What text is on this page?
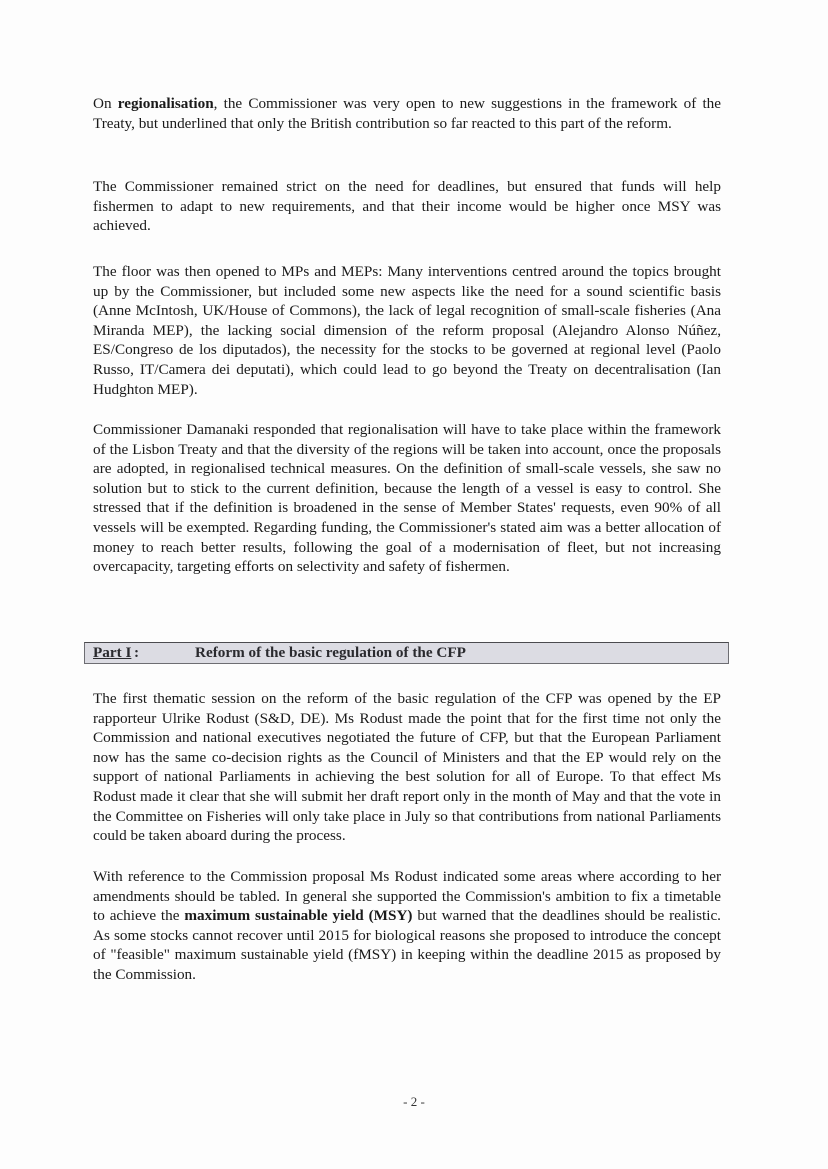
On regionalisation, the Commissioner was very open to new suggestions in the framework of the Treaty, but underlined that only the British contribution so far reacted to this part of the reform.

The Commissioner remained strict on the need for deadlines, but ensured that funds will help fishermen to adapt to new requirements, and that their income would be higher once MSY was achieved.

The floor was then opened to MPs and MEPs: Many interventions centred around the topics brought up by the Commissioner, but included some new aspects like the need for a sound scientific basis (Anne McIntosh, UK/House of Commons), the lack of legal recognition of small-scale fisheries (Ana Miranda MEP), the lacking social dimension of the reform proposal (Alejandro Alonso Núñez, ES/Congreso de los diputados), the necessity for the stocks to be governed at regional level (Paolo Russo, IT/Camera dei deputati), which could lead to go beyond the Treaty on decentralisation (Ian Hudghton MEP).

Commissioner Damanaki responded that regionalisation will have to take place within the framework of the Lisbon Treaty and that the diversity of the regions will be taken into account, once the proposals are adopted, in regionalised technical measures. On the definition of small-scale vessels, she saw no solution but to stick to the current definition, because the length of a vessel is easy to control. She stressed that if the definition is broadened in the sense of Member States' requests, even 90% of all vessels will be exempted. Regarding funding, the Commissioner's stated aim was a better allocation of money to reach better results, following the goal of a modernisation of fleet, but not increasing overcapacity, targeting efforts on selectivity and safety of fishermen.

Part I :	Reform of the basic regulation of the CFP

The first thematic session on the reform of the basic regulation of the CFP was opened by the EP rapporteur Ulrike Rodust (S&D, DE). Ms Rodust made the point that for the first time not only the Commission and national executives negotiated the future of CFP, but that the European Parliament now has the same co-decision rights as the Council of Ministers and that the EP would rely on the support of national Parliaments in achieving the best solution for all of Europe. To that effect Ms Rodust made it clear that she will submit her draft report only in the month of May and that the vote in the Committee on Fisheries will only take place in July so that contributions from national Parliaments could be taken aboard during the process.

With reference to the Commission proposal Ms Rodust indicated some areas where according to her amendments should be tabled. In general she supported the Commission's ambition to fix a timetable to achieve the maximum sustainable yield (MSY) but warned that the deadlines should be realistic. As some stocks cannot recover until 2015 for biological reasons she proposed to introduce the concept of "feasible" maximum sustainable yield (fMSY) in keeping within the deadline 2015 as proposed by the Commission.

- 2 -
